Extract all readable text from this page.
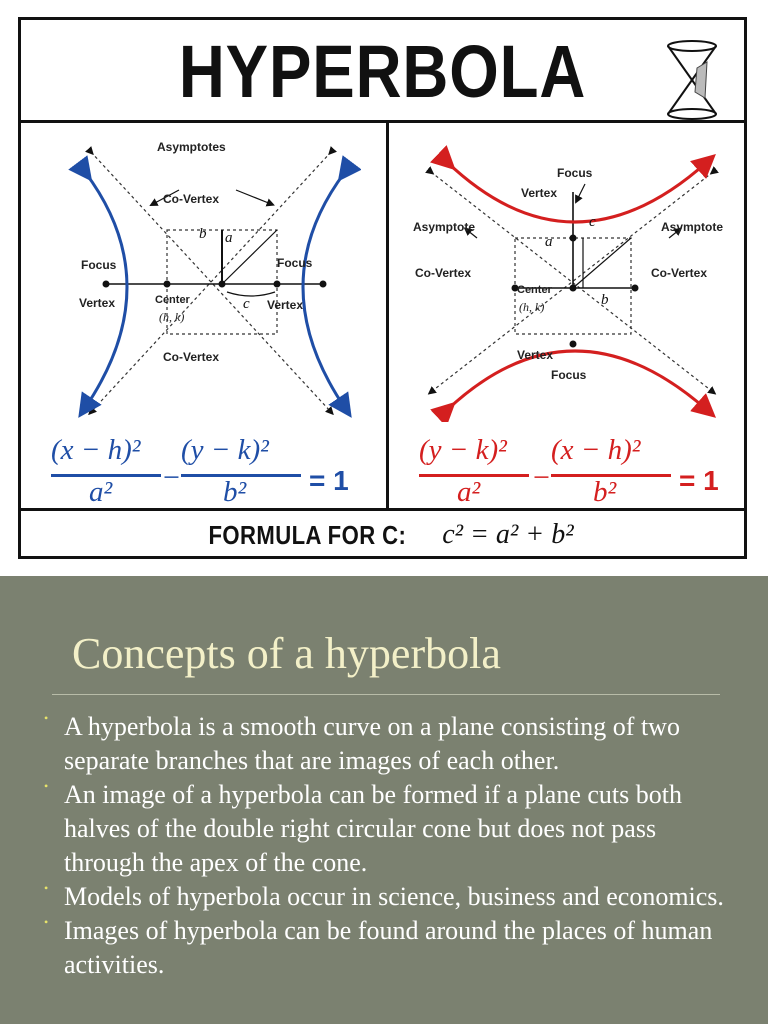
HYPERBOLA
Asymptotes
Co-Vertex
Co-Vertex
Focus	Focus
Vertex	Vertex
Center
(h, k)
b a
c
(x − h)²
a² −
(y − k)²
b² = 1
Focus
Vertex
Asymptote	Asymptote
Co-Vertex	Co-Vertex
Center
(h, k)
Vertex
Focus
a
b
c
(y − k)²
a² −
(x − h)²
b² = 1
FORMULA FOR C: c² = a² + b²
Concepts of a hyperbola
• A hyperbola is a smooth curve on a plane consisting of two separate branches that are images of each other.
• An image of a hyperbola can be formed if a plane cuts both halves of the double right circular cone but does not pass through the apex of the cone.
• Models of hyperbola occur in science, business and economics.
• Images of hyperbola can be found around the places of human activities.
